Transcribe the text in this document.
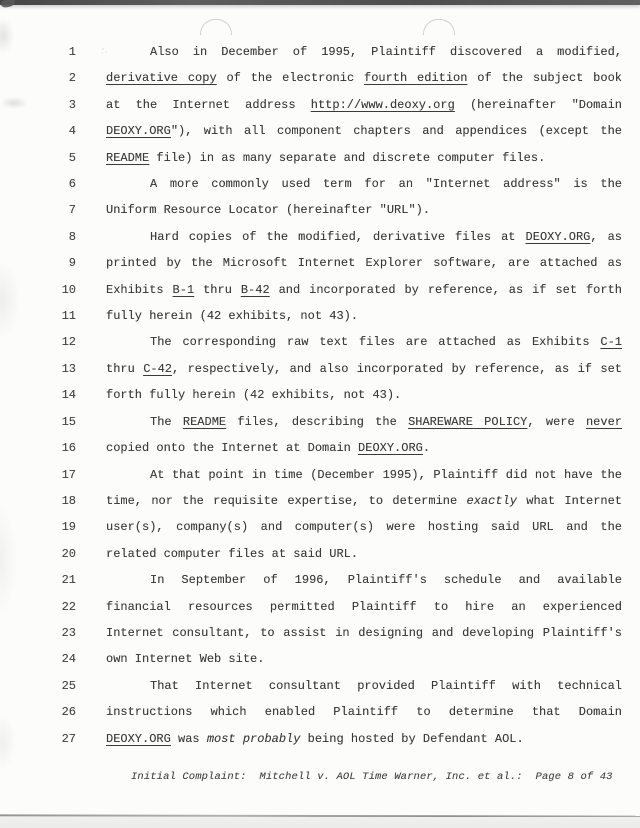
1	Also in December of 1995, Plaintiff discovered a modified,
2	derivative copy of the electronic fourth edition of the subject book
3	at the Internet address http://www.deoxy.org (hereinafter "Domain
4	DEOXY.ORG"), with all component chapters and appendices (except the
5	README file) in as many separate and discrete computer files.
6	A more commonly used term for an "Internet address" is the
7	Uniform Resource Locator (hereinafter "URL").
8	Hard copies of the modified, derivative files at DEOXY.ORG, as
9	printed by the Microsoft Internet Explorer software, are attached as
10	Exhibits B-1 thru B-42 and incorporated by reference, as if set forth
11	fully herein (42 exhibits, not 43).
12	The corresponding raw text files are attached as Exhibits C-1
13	thru C-42, respectively, and also incorporated by reference, as if set
14	forth fully herein (42 exhibits, not 43).
15	The README files, describing the SHAREWARE POLICY, were never
16	copied onto the Internet at Domain DEOXY.ORG.
17	At that point in time (December 1995), Plaintiff did not have the
18	time, nor the requisite expertise, to determine exactly what Internet
19	user(s), company(s) and computer(s) were hosting said URL and the
20	related computer files at said URL.
21	In September of 1996, Plaintiff's schedule and available
22	financial resources permitted Plaintiff to hire an experienced
23	Internet consultant, to assist in designing and developing Plaintiff's
24	own Internet Web site.
25	That Internet consultant provided Plaintiff with technical
26	instructions which enabled Plaintiff to determine that Domain
27	DEOXY.ORG was most probably being hosted by Defendant AOL.
Initial Complaint:  Mitchell v. AOL Time Warner, Inc. et al.:  Page 8 of 43
